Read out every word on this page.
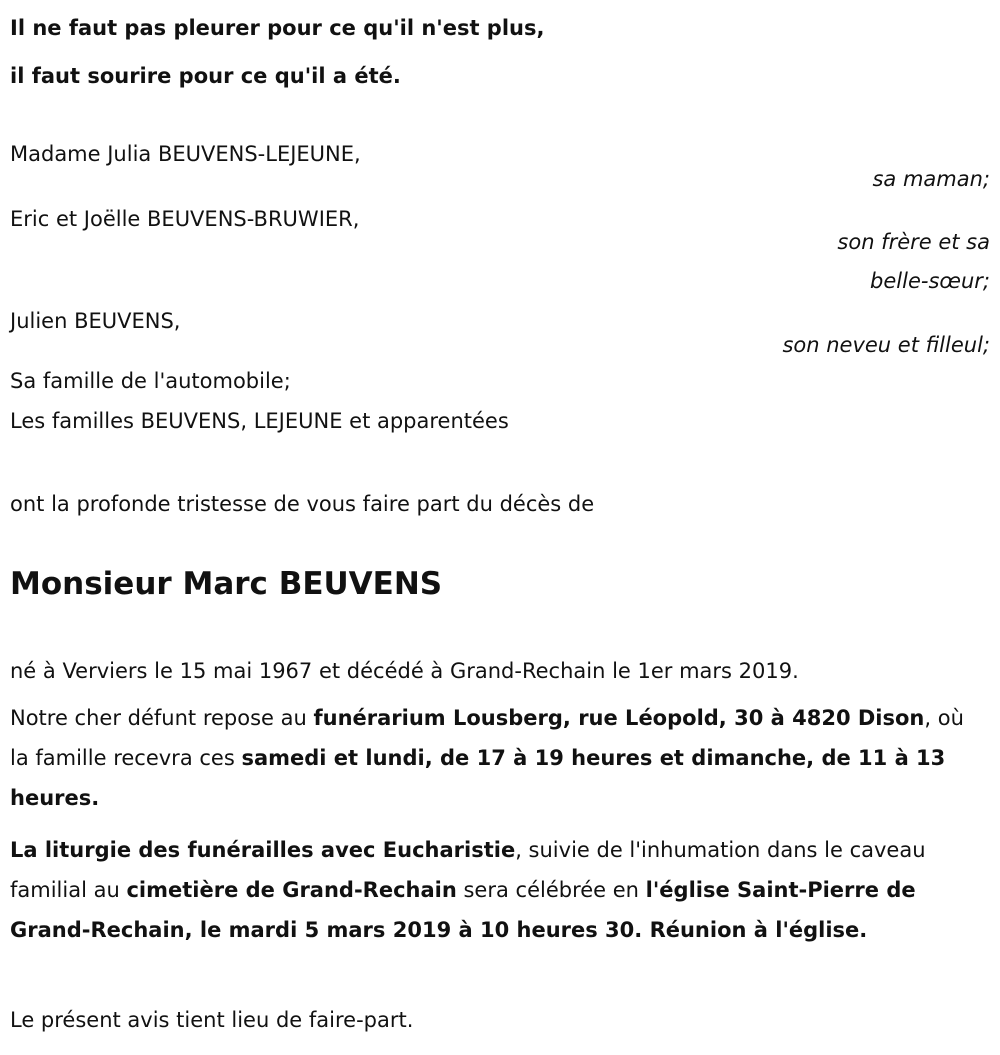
Il ne faut pas pleurer pour ce qu'il n'est plus,
il faut sourire pour ce qu'il a été.
Madame Julia BEUVENS-LEJEUNE,
sa maman;
Eric et Joëlle BEUVENS-BRUWIER,
son frère et sa
belle-sœur;
Julien BEUVENS,
son neveu et filleul;
Sa famille de l'automobile;
Les familles BEUVENS, LEJEUNE et apparentées
ont la profonde tristesse de vous faire part du décès de
Monsieur Marc BEUVENS
né à Verviers le 15 mai 1967 et décédé à Grand-Rechain le 1er mars 2019.
Notre cher défunt repose au funérarium Lousberg, rue Léopold, 30 à 4820 Dison, où la famille recevra ces samedi et lundi, de 17 à 19 heures et dimanche, de 11 à 13 heures.
La liturgie des funérailles avec Eucharistie, suivie de l'inhumation dans le caveau familial au cimetière de Grand-Rechain sera célébrée en l'église Saint-Pierre de Grand-Rechain, le mardi 5 mars 2019 à 10 heures 30. Réunion à l'église.
Le présent avis tient lieu de faire-part.
